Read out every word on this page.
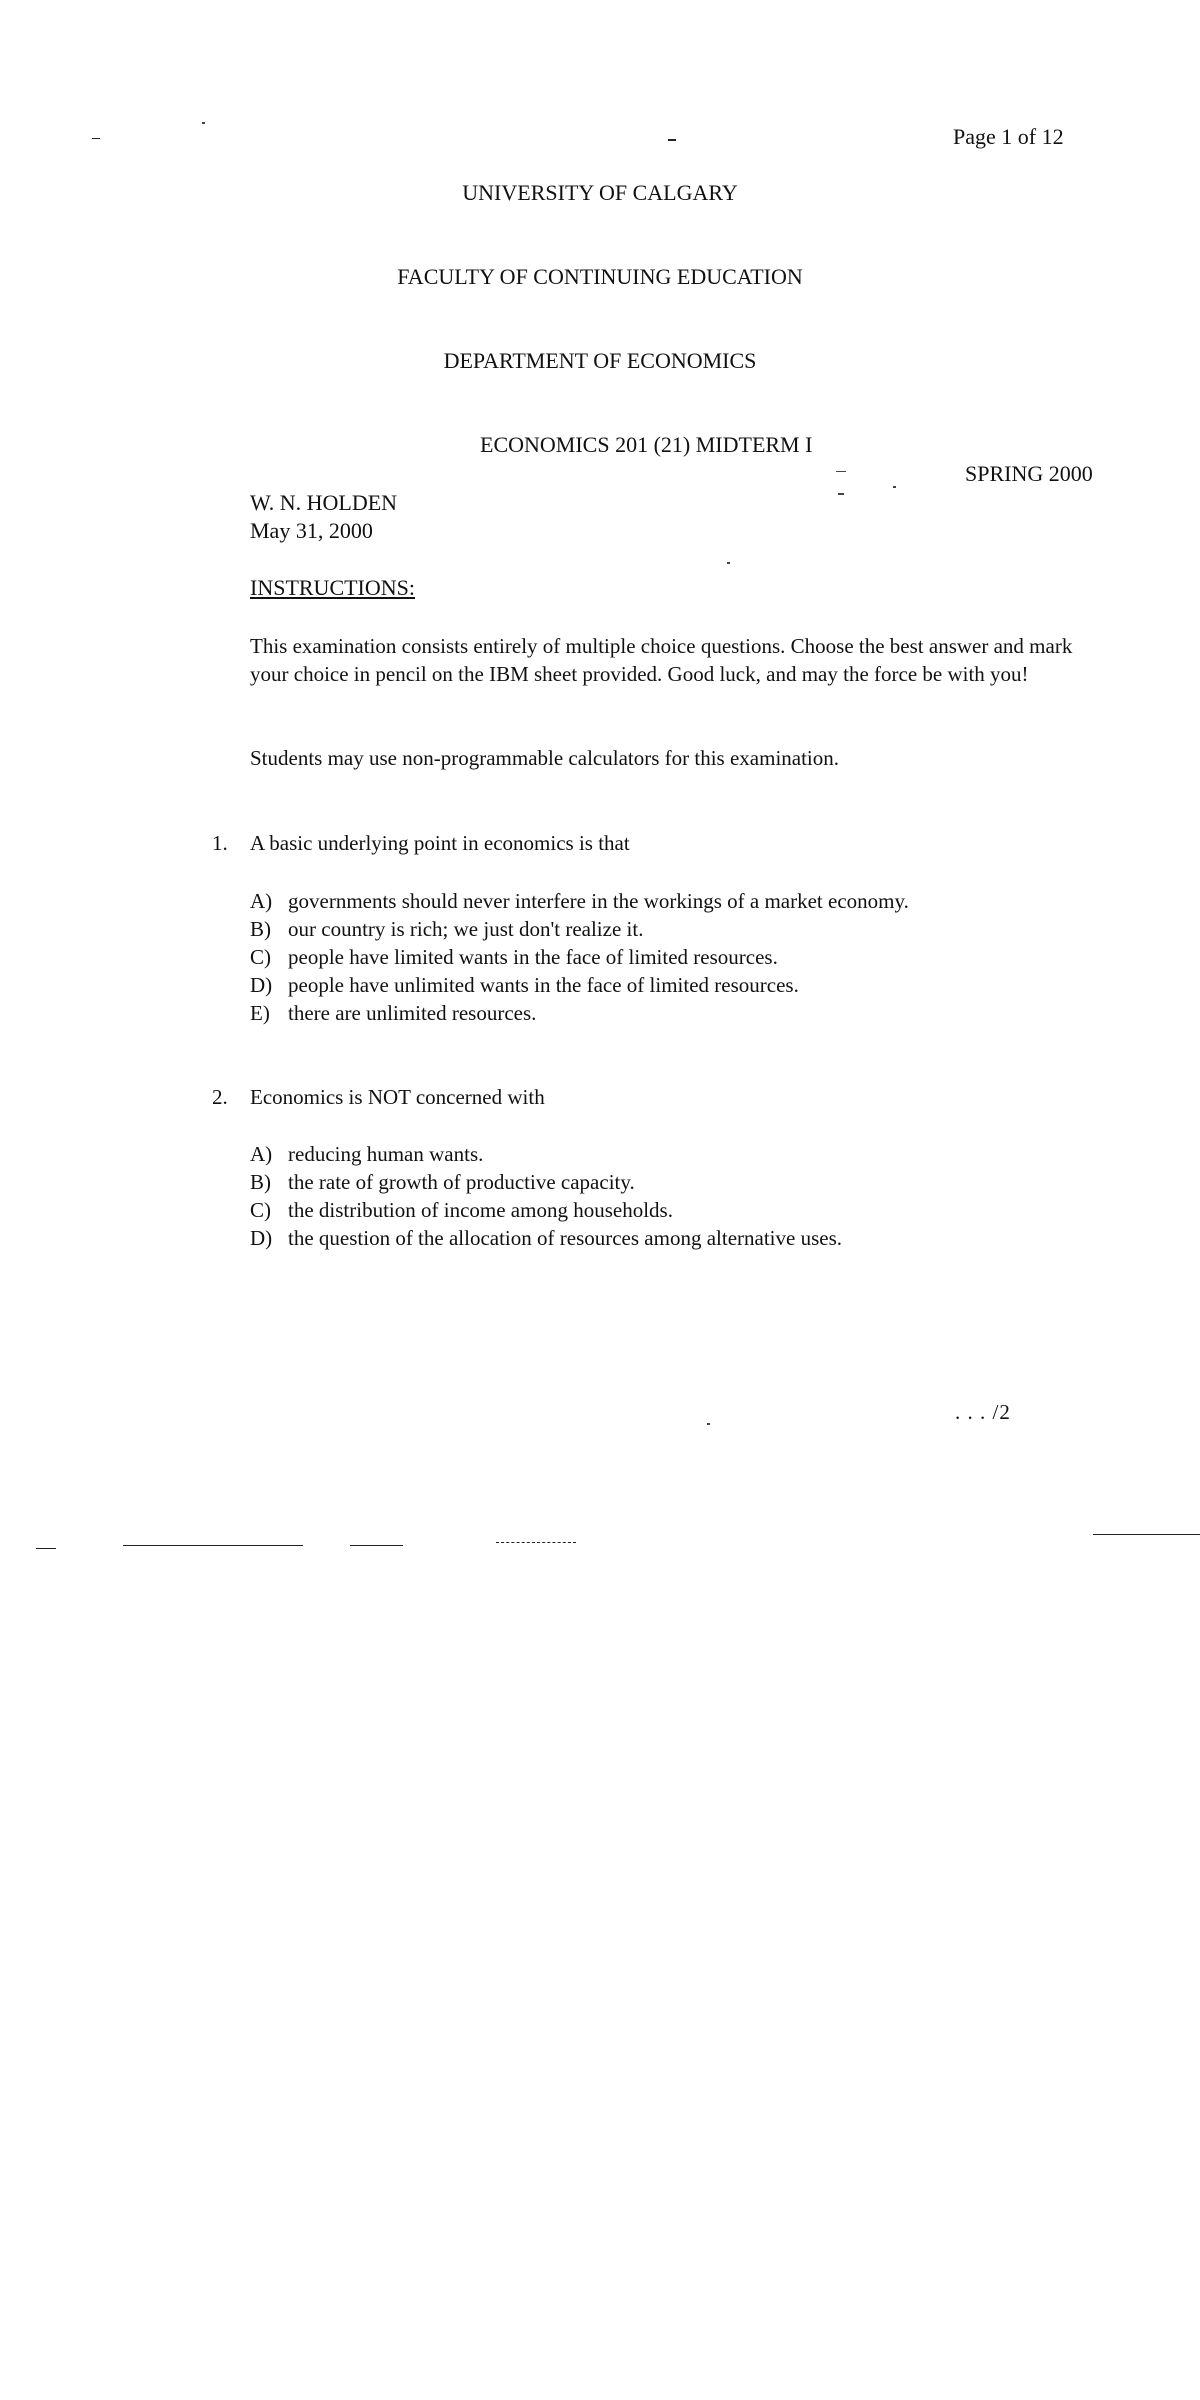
Page 1 of 12
UNIVERSITY OF CALGARY
FACULTY OF CONTINUING EDUCATION
DEPARTMENT OF ECONOMICS
ECONOMICS 201 (21) MIDTERM I
SPRING 2000
W. N. HOLDEN
May 31, 2000
INSTRUCTIONS:
This examination consists entirely of multiple choice questions. Choose the best answer and mark your choice in pencil on the IBM sheet provided. Good luck, and may the force be with you!
Students may use non-programmable calculators for this examination.
1. A basic underlying point in economics is that
A) governments should never interfere in the workings of a market economy.
B) our country is rich; we just don't realize it.
C) people have limited wants in the face of limited resources.
D) people have unlimited wants in the face of limited resources.
E) there are unlimited resources.
2. Economics is NOT concerned with
A) reducing human wants.
B) the rate of growth of productive capacity.
C) the distribution of income among households.
D) the question of the allocation of resources among alternative uses.
. . . /2
